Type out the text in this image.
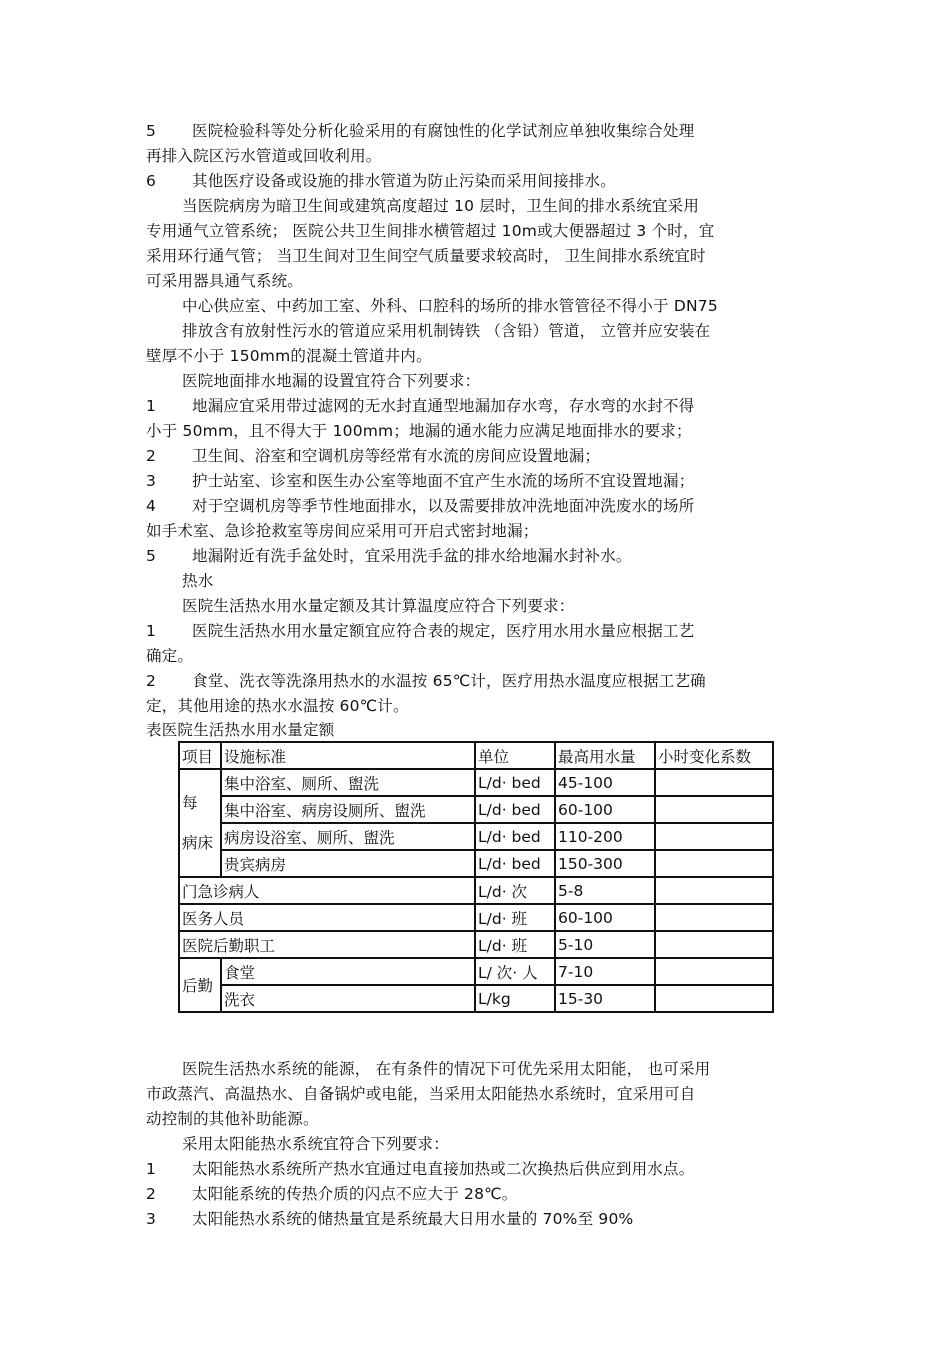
5 医院检验科等处分析化验采用的有腐蚀性的化学试剂应单独收集综合处理
再排入院区污水管道或回收利用。
6 其他医疗设备或设施的排水管道为防止污染而采用间接排水。
当医院病房为暗卫生间或建筑高度超过 10 层时，卫生间的排水系统宜采用
专用通气立管系统； 医院公共卫生间排水横管超过 10m或大便器超过 3 个时，宜
采用环行通气管； 当卫生间对卫生间空气质量要求较高时， 卫生间排水系统宜时
可采用器具通气系统。
中心供应室、中药加工室、外科、口腔科的场所的排水管管径不得小于 DN75
排放含有放射性污水的管道应采用机制铸铁 （含铅）管道， 立管并应安装在
壁厚不小于 150mm的混凝土管道井内。
医院地面排水地漏的设置宜符合下列要求：
1 地漏应宜采用带过滤网的无水封直通型地漏加存水弯，存水弯的水封不得
小于 50mm，且不得大于 100mm；地漏的通水能力应满足地面排水的要求；
2 卫生间、浴室和空调机房等经常有水流的房间应设置地漏；
3 护士站室、诊室和医生办公室等地面不宜产生水流的场所不宜设置地漏；
4 对于空调机房等季节性地面排水，以及需要排放冲洗地面冲洗废水的场所
如手术室、急诊抢救室等房间应采用可开启式密封地漏；
5 地漏附近有洗手盆处时，宜采用洗手盆的排水给地漏水封补水。
热水
医院生活热水用水量定额及其计算温度应符合下列要求：
1 医院生活热水用水量定额宜应符合表的规定，医疗用水用水量应根据工艺
确定。
2 食堂、洗衣等洗涤用热水的水温按 65℃计，医疗用热水温度应根据工艺确
定，其他用途的热水水温按 60℃计。
表医院生活热水用水量定额
项目	设施标准	单位	最高用水量	小时变化系数
每
病床	集中浴室、厕所、盥洗	L/d· bed	45-100	
	集中浴室、病房设厕所、盥洗	L/d· bed	60-100	
	病房设浴室、厕所、盥洗	L/d· bed	110-200	
	贵宾病房	L/d· bed	150-300	
门急诊病人		L/d· 次	5-8	
医务人员		L/d· 班	60-100	
医院后勤职工		L/d· 班	5-10	
后勤	食堂	L/ 次· 人	7-10	
	洗衣	L/kg	15-30	
医院生活热水系统的能源， 在有条件的情况下可优先采用太阳能， 也可采用
市政蒸汽、高温热水、自备锅炉或电能，当采用太阳能热水系统时，宜采用可自
动控制的其他补助能源。
采用太阳能热水系统宜符合下列要求：
1 太阳能热水系统所产热水宜通过电直接加热或二次换热后供应到用水点。
2 太阳能系统的传热介质的闪点不应大于 28℃。
3 太阳能热水系统的储热量宜是系统最大日用水量的 70%至 90%
